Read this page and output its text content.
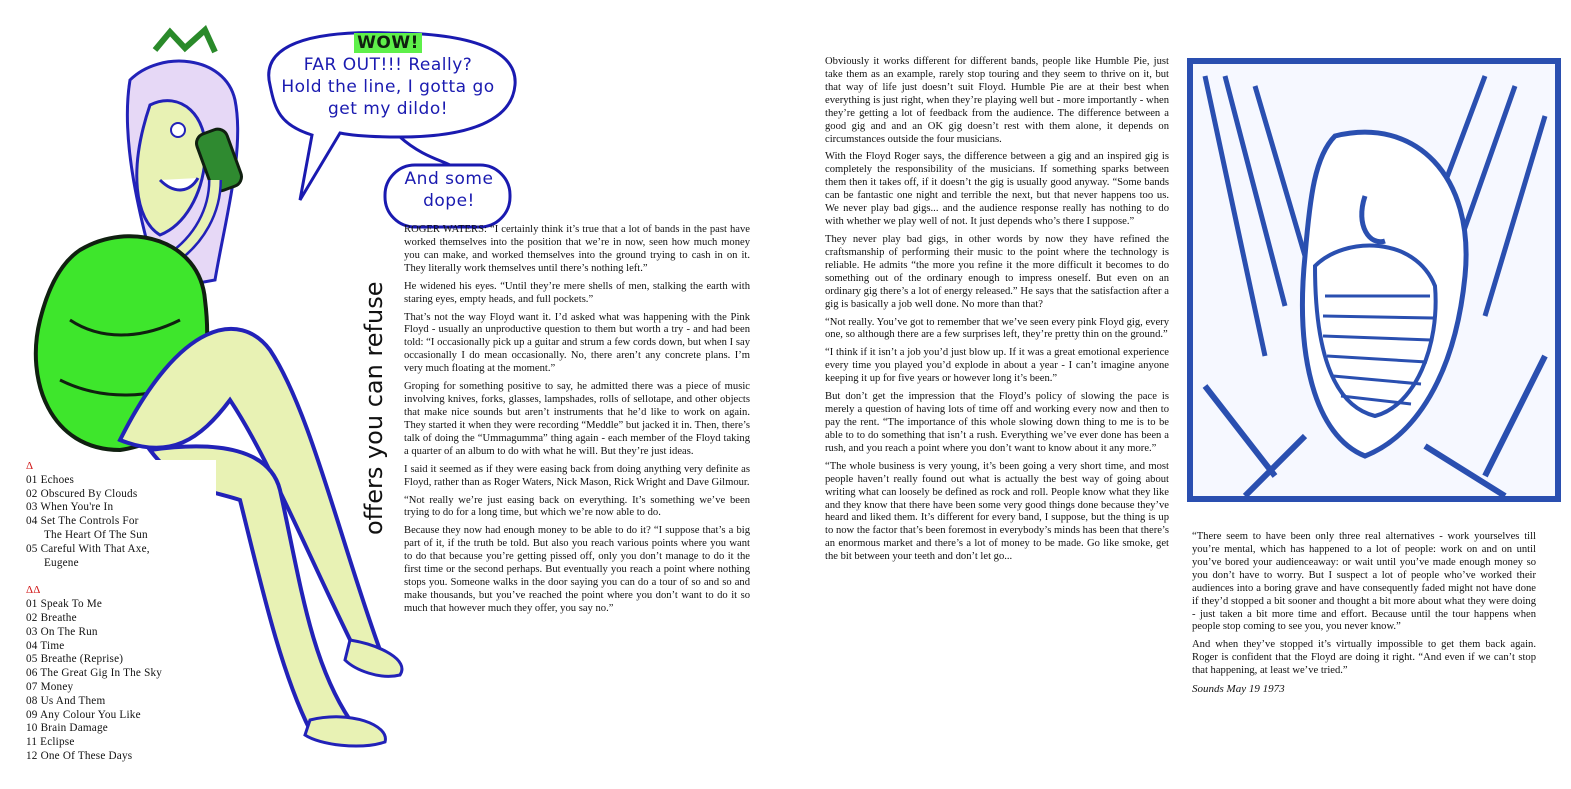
WOW!
FAR OUT!!! Really?
Hold the line, I gotta go
get my dildo!
And some
dope!
offers you can refuse
Δ
01 Echoes
02 Obscured By Clouds
03 When You're In
04 Set The Controls For
The Heart Of The Sun
05 Careful With That Axe,
Eugene
ΔΔ
01 Speak To Me
02 Breathe
03 On The Run
04 Time
05 Breathe (Reprise)
06 The Great Gig In The Sky
07 Money
08 Us And Them
09 Any Colour You Like
10 Brain Damage
11 Eclipse
12 One Of These Days

ROGER WATERS: “I certainly think it’s true that a lot of bands in the past have worked themselves into the position that we’re in now, seen how much money you can make, and worked themselves into the ground trying to cash in on it. They literally work themselves until there’s nothing left.”

He widened his eyes. “Until they’re mere shells of men, stalking the earth with staring eyes, empty heads, and full pockets.”

That’s not the way Floyd want it. I’d asked what was happening with the Pink Floyd - usually an unproductive question to them but worth a try - and had been told: “I occasionally pick up a guitar and strum a few cords down, but when I say occasionally I do mean occasionally. No, there aren’t any concrete plans. I’m very much floating at the moment.”

Groping for something positive to say, he admitted there was a piece of music involving knives, forks, glasses, lampshades, rolls of sellotape, and other objects that make nice sounds but aren’t instruments that he’d like to work on again. They started it when they were recording “Meddle” but jacked it in. Then, there’s talk of doing the “Ummagumma” thing again - each member of the Floyd taking a quarter of an album to do with what he will. But they’re just ideas.

I said it seemed as if they were easing back from doing anything very definite as Floyd, rather than as Roger Waters, Nick Mason, Rick Wright and Dave Gilmour.

“Not really we’re just easing back on everything. It’s something we’ve been trying to do for a long time, but which we’re now able to do.

Because they now had enough money to be able to do it? “I suppose that’s a big part of it, if the truth be told. But also you reach various points where you want to do that because you’re getting pissed off, only you don’t manage to do it the first time or the second perhaps. But eventually you reach a point where nothing stops you. Someone walks in the door saying you can do a tour of so and so and make thousands, but you’ve reached the point where you don’t want to do it so much that however much they offer, you say no.”

Obviously it works different for different bands, people like Humble Pie, just take them as an example, rarely stop touring and they seem to thrive on it, but that way of life just doesn’t suit Floyd. Humble Pie are at their best when everything is just right, when they’re playing well but - more importantly - when they’re getting a lot of feedback from the audience. The difference between a good gig and and an OK gig doesn’t rest with them alone, it depends on circumstances outside the four musicians.

With the Floyd Roger says, the difference between a gig and an inspired gig is completely the responsibility of the musicians. If something sparks between them then it takes off, if it doesn’t the gig is usually good anyway. “Some bands can be fantastic one night and terrible the next, but that never happens too us. We never play bad gigs... and the audience response really has nothing to do with whether we play well of not. It just depends who’s there I suppose.”

They never play bad gigs, in other words by now they have refined the craftsmanship of performing their music to the point where the technology is reliable. He admits “the more you refine it the more difficult it becomes to do something out of the ordinary enough to impress oneself. But even on an ordinary gig there’s a lot of energy released.” He says that the satisfaction after a gig is basically a job well done. No more than that?

“Not really. You’ve got to remember that we’ve seen every pink Floyd gig, every one, so although there are a few surprises left, they’re pretty thin on the ground.”

“I think if it isn’t a job you’d just blow up. If it was a great emotional experience every time you played you’d explode in about a year - I can’t imagine anyone keeping it up for five years or however long it’s been.”

But don’t get the impression that the Floyd’s policy of slowing the pace is merely a question of having lots of time off and working every now and then to pay the rent. “The importance of this whole slowing down thing to me is to be able to to do something that isn’t a rush. Everything we’ve ever done has been a rush, and you reach a point where you don’t want to know about it any more.”

“The whole business is very young, it’s been going a very short time, and most people haven’t really found out what is actually the best way of going about writing what can loosely be defined as rock and roll. People know what they like and they know that there have been some very good things done because they’ve heard and liked them. It’s different for every band, I suppose, but the thing is up to now the factor that’s been foremost in everybody’s minds has been that there’s an enormous market and there’s a lot of money to be made. Go like smoke, get the bit between your teeth and don’t let go...

“There seem to have been only three real alternatives - work yourselves till you’re mental, which has happened to a lot of people: work on and on until you’ve bored your audienceaway: or wait until you’ve made enough money so you don’t have to worry. But I suspect a lot of people who’ve worked their audiences into a boring grave and have consequently faded might not have done if they’d stopped a bit sooner and thought a bit more about what they were doing - just taken a bit more time and effort. Because until the tour happens when people stop coming to see you, you never know.”

And when they’ve stopped it’s virtually impossible to get them back again. Roger is confident that the Floyd are doing it right. “And even if we can’t stop that happening, at least we’ve tried.”

Sounds May 19 1973
